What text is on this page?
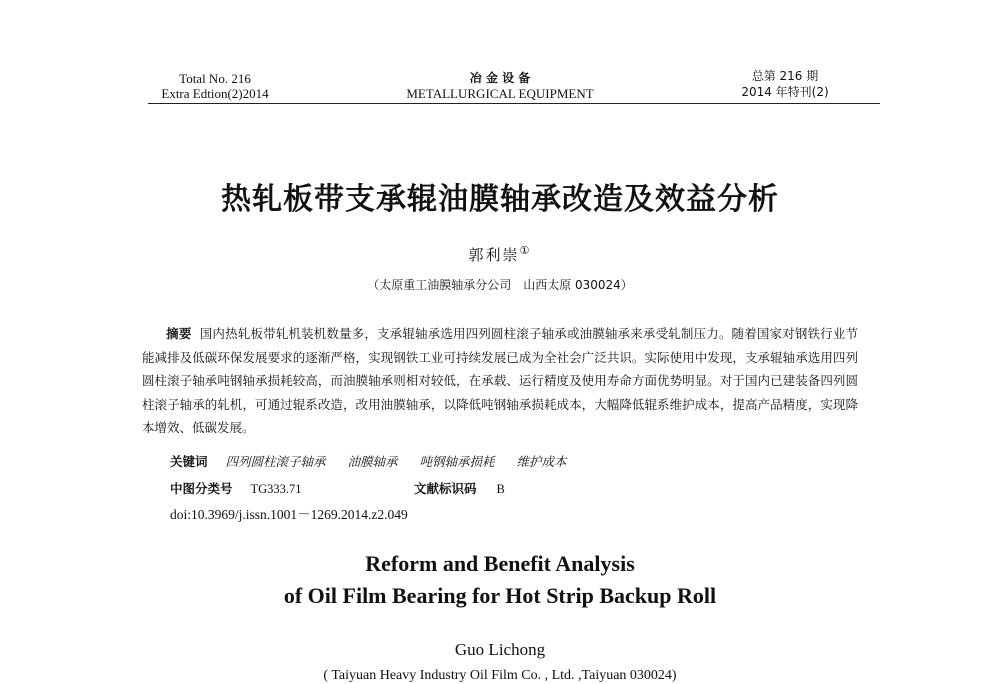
Total No. 216
Extra Edtion(2)2014
冶 金 设 备
METALLURGICAL EQUIPMENT
总第 216 期
2014 年特刊(2)
热轧板带支承辊油膜轴承改造及效益分析
郭利崇①
（太原重工油膜轴承分公司　山西太原 030024）
摘要 国内热轧板带轧机装机数量多，支承辊轴承选用四列圆柱滚子轴承或油膜轴承来承受轧制压力。随着国家对钢铁行业节能减排及低碳环保发展要求的逐渐严格，实现钢铁工业可持续发展已成为全社会广泛共识。实际使用中发现，支承辊轴承选用四列圆柱滚子轴承吨钢轴承损耗较高，而油膜轴承则相对较低，在承载、运行精度及使用寿命方面优势明显。对于国内已建装备四列圆柱滚子轴承的轧机，可通过辊系改造，改用油膜轴承，以降低吨钢轴承损耗成本，大幅降低辊系维护成本，提高产品精度，实现降本增效、低碳发展。
关键词 四列圆柱滚子轴承 油膜轴承 吨钢轴承损耗 维护成本
中图分类号 TG333.71	文献标识码 B
doi:10.3969/j.issn.1001－1269.2014.z2.049
Reform and Benefit Analysis
of Oil Film Bearing for Hot Strip Backup Roll
Guo Lichong
( Taiyuan Heavy Industry Oil Film Co. , Ltd. ,Taiyuan 030024)
